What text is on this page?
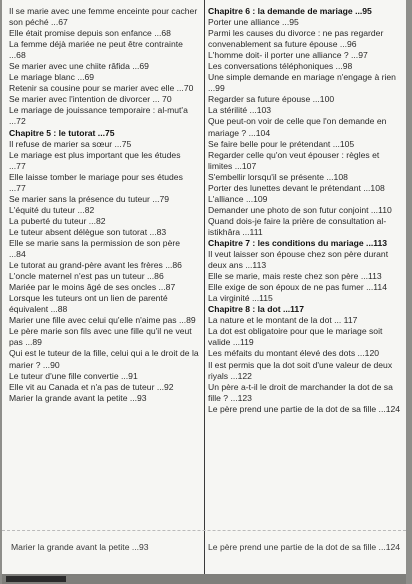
Il se marie avec une femme enceinte pour cacher son péché ...67
Elle était promise depuis son enfance ...68
La femme déjà mariée ne peut être contrainte ...68
Se marier avec une chiite râfida ...69
Le mariage blanc ...69
Retenir sa cousine pour se marier avec elle ...70
Se marier avec l'intention de divorcer ... 70
Le mariage de jouissance temporaire : al-mut'a ...72
Chapitre 5 : le tutorat ...75
Il refuse de marier sa sœur ...75
Le mariage est plus important que les études ...77
Elle laisse tomber le mariage pour ses études ...77
Se marier sans la présence du tuteur ...79
L'équité du tuteur ...82
La puberté du tuteur ...82
Le tuteur absent délègue son tutorat ...83
Elle se marie sans la permission de son père ...84
Le tutorat au grand-père avant les frères ...86
L'oncle maternel n'est pas un tuteur ...86
Mariée par le moins âgé de ses oncles ...87
Lorsque les tuteurs ont un lien de parenté équivalent ...88
Marier une fille avec celui qu'elle n'aime pas ...89
Le père marie son fils avec une fille qu'il ne veut pas ...89
Qui est le tuteur de la fille, celui qui a le droit de la marier ? ...90
Le tuteur d'une fille convertie ...91
Elle vit au Canada et n'a pas de tuteur ...92
Marier la grande avant la petite ...93
Chapitre 6 : la demande de mariage ...95
Porter une alliance ...95
Parmi les causes du divorce : ne pas regarder convenablement sa future épouse ...96
L'homme doit- il porter une alliance ? ...97
Les conversations téléphoniques ...98
Une simple demande en mariage n'engage à rien ...99
Regarder sa future épouse ...100
La stérilité ...103
Que peut-on voir de celle que l'on demande en mariage ? ...104
Se faire belle pour le prétendant ...105
Regarder celle qu'on veut épouser : règles et limites ...107
S'embellir lorsqu'il se présente ...108
Porter des lunettes devant le prétendant ...108
L'alliance ...109
Demander une photo de son futur conjoint ...110
Quand dois-je faire la prière de consultation al-istikhâra ...111
Chapitre 7 : les conditions du mariage ...113
Il veut laisser son épouse chez son père durant deux ans ...113
Elle se marie, mais reste chez son père ...113
Elle exige de son époux de ne pas fumer ...114
La virginité ...115
Chapitre 8 : la dot ...117
La nature et le montant de la dot ... 117
La dot est obligatoire pour que le mariage soit valide ...119
Les méfaits du montant élevé des dots ...120
Il est permis que la dot soit d'une valeur de deux riyals ...122
Un père a-t-il le droit de marchander la dot de sa fille ? ...123
Le père prend une partie de la dot de sa fille ...124
Marier la grande avant la petite ...93	Le père prend une partie de la dot de sa fille ...124
